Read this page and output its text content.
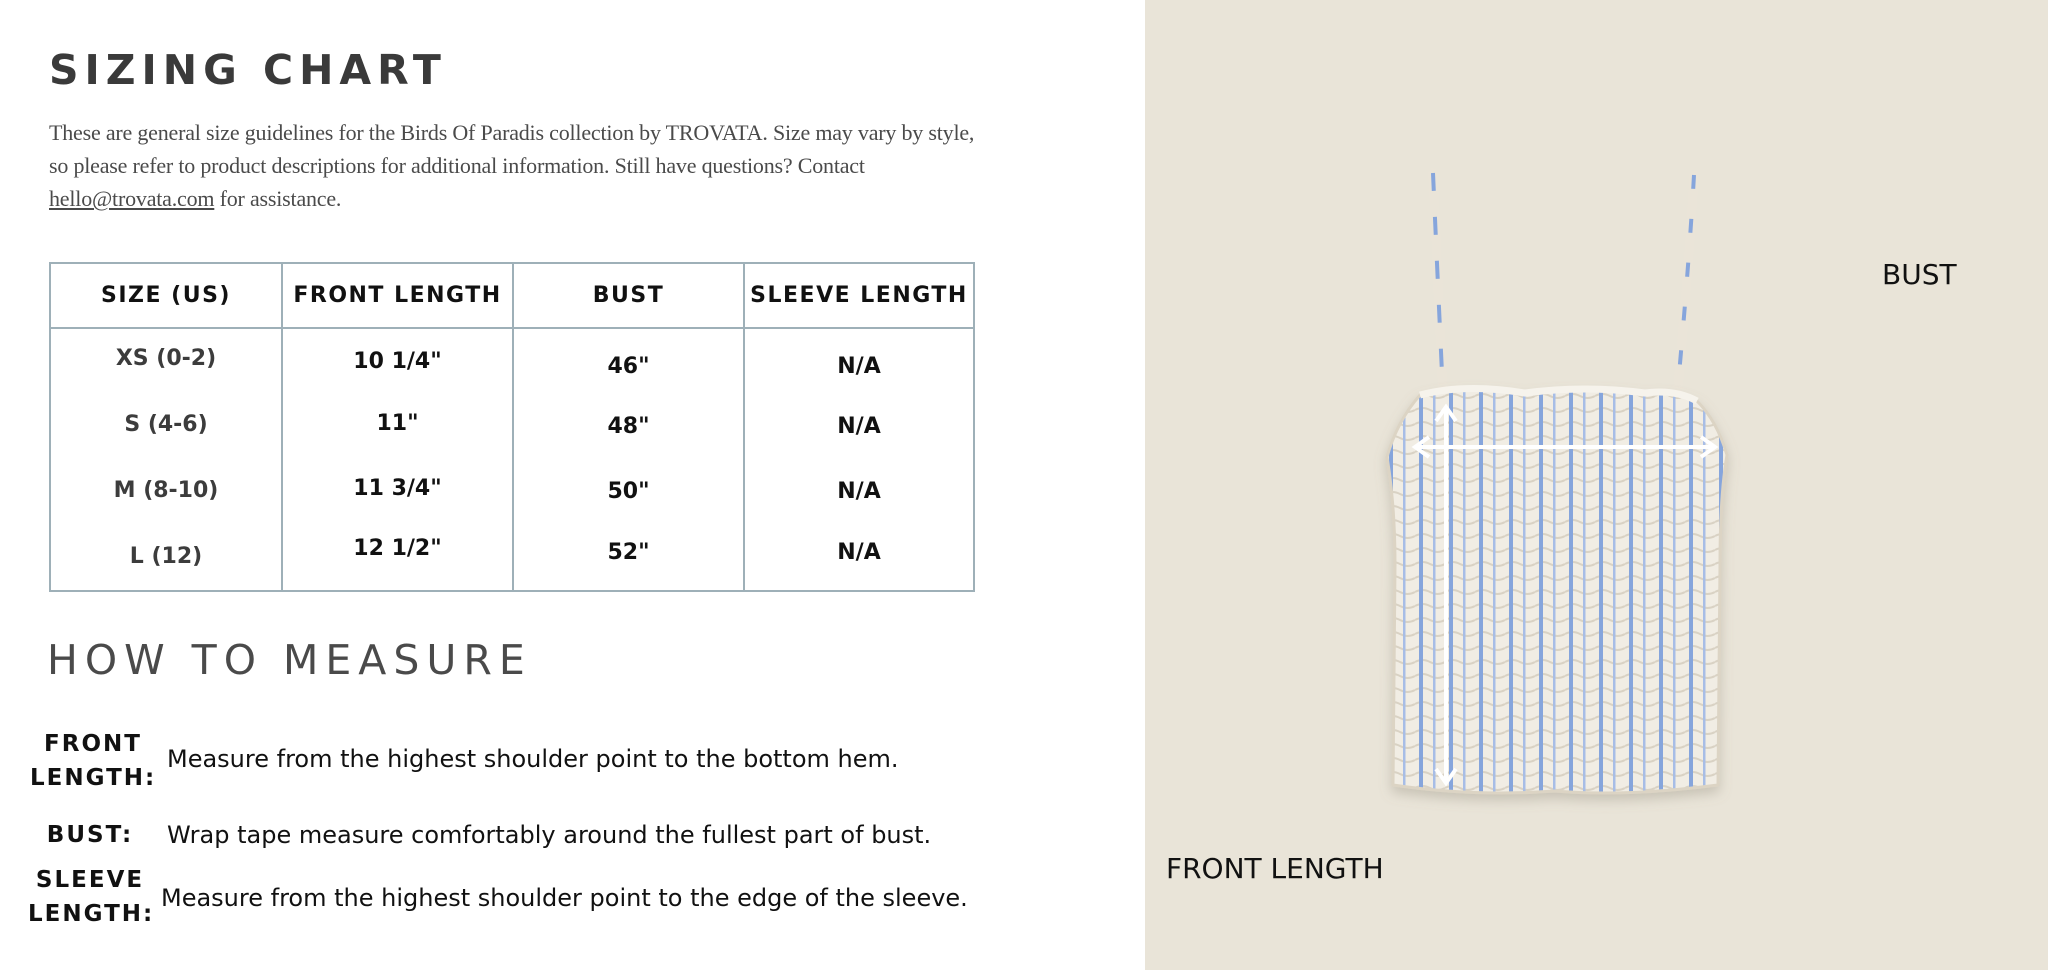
SIZING CHART

These are general size guidelines for the Birds Of Paradis collection by TROVATA. Size may vary by style, so please refer to product descriptions for additional information. Still have questions? Contact hello@trovata.com for assistance.

SIZE (US)
XS (0-2)
S (4-6)
M (8-10)
L (12)
FRONT LENGTH
10 1/4"
11"
11 3/4"
12 1/2"
BUST
46"
48"
50"
52"
SLEEVE LENGTH
N/A
N/A
N/A
N/A
HOW TO MEASURE
FRONT
LENGTH:
Measure from the highest shoulder point to the bottom hem.
BUST:	Wrap tape measure comfortably around the fullest part of bust.
SLEEVE
LENGTH:
Measure from the highest shoulder point to the edge of the sleeve.
BUST
FRONT LENGTH
